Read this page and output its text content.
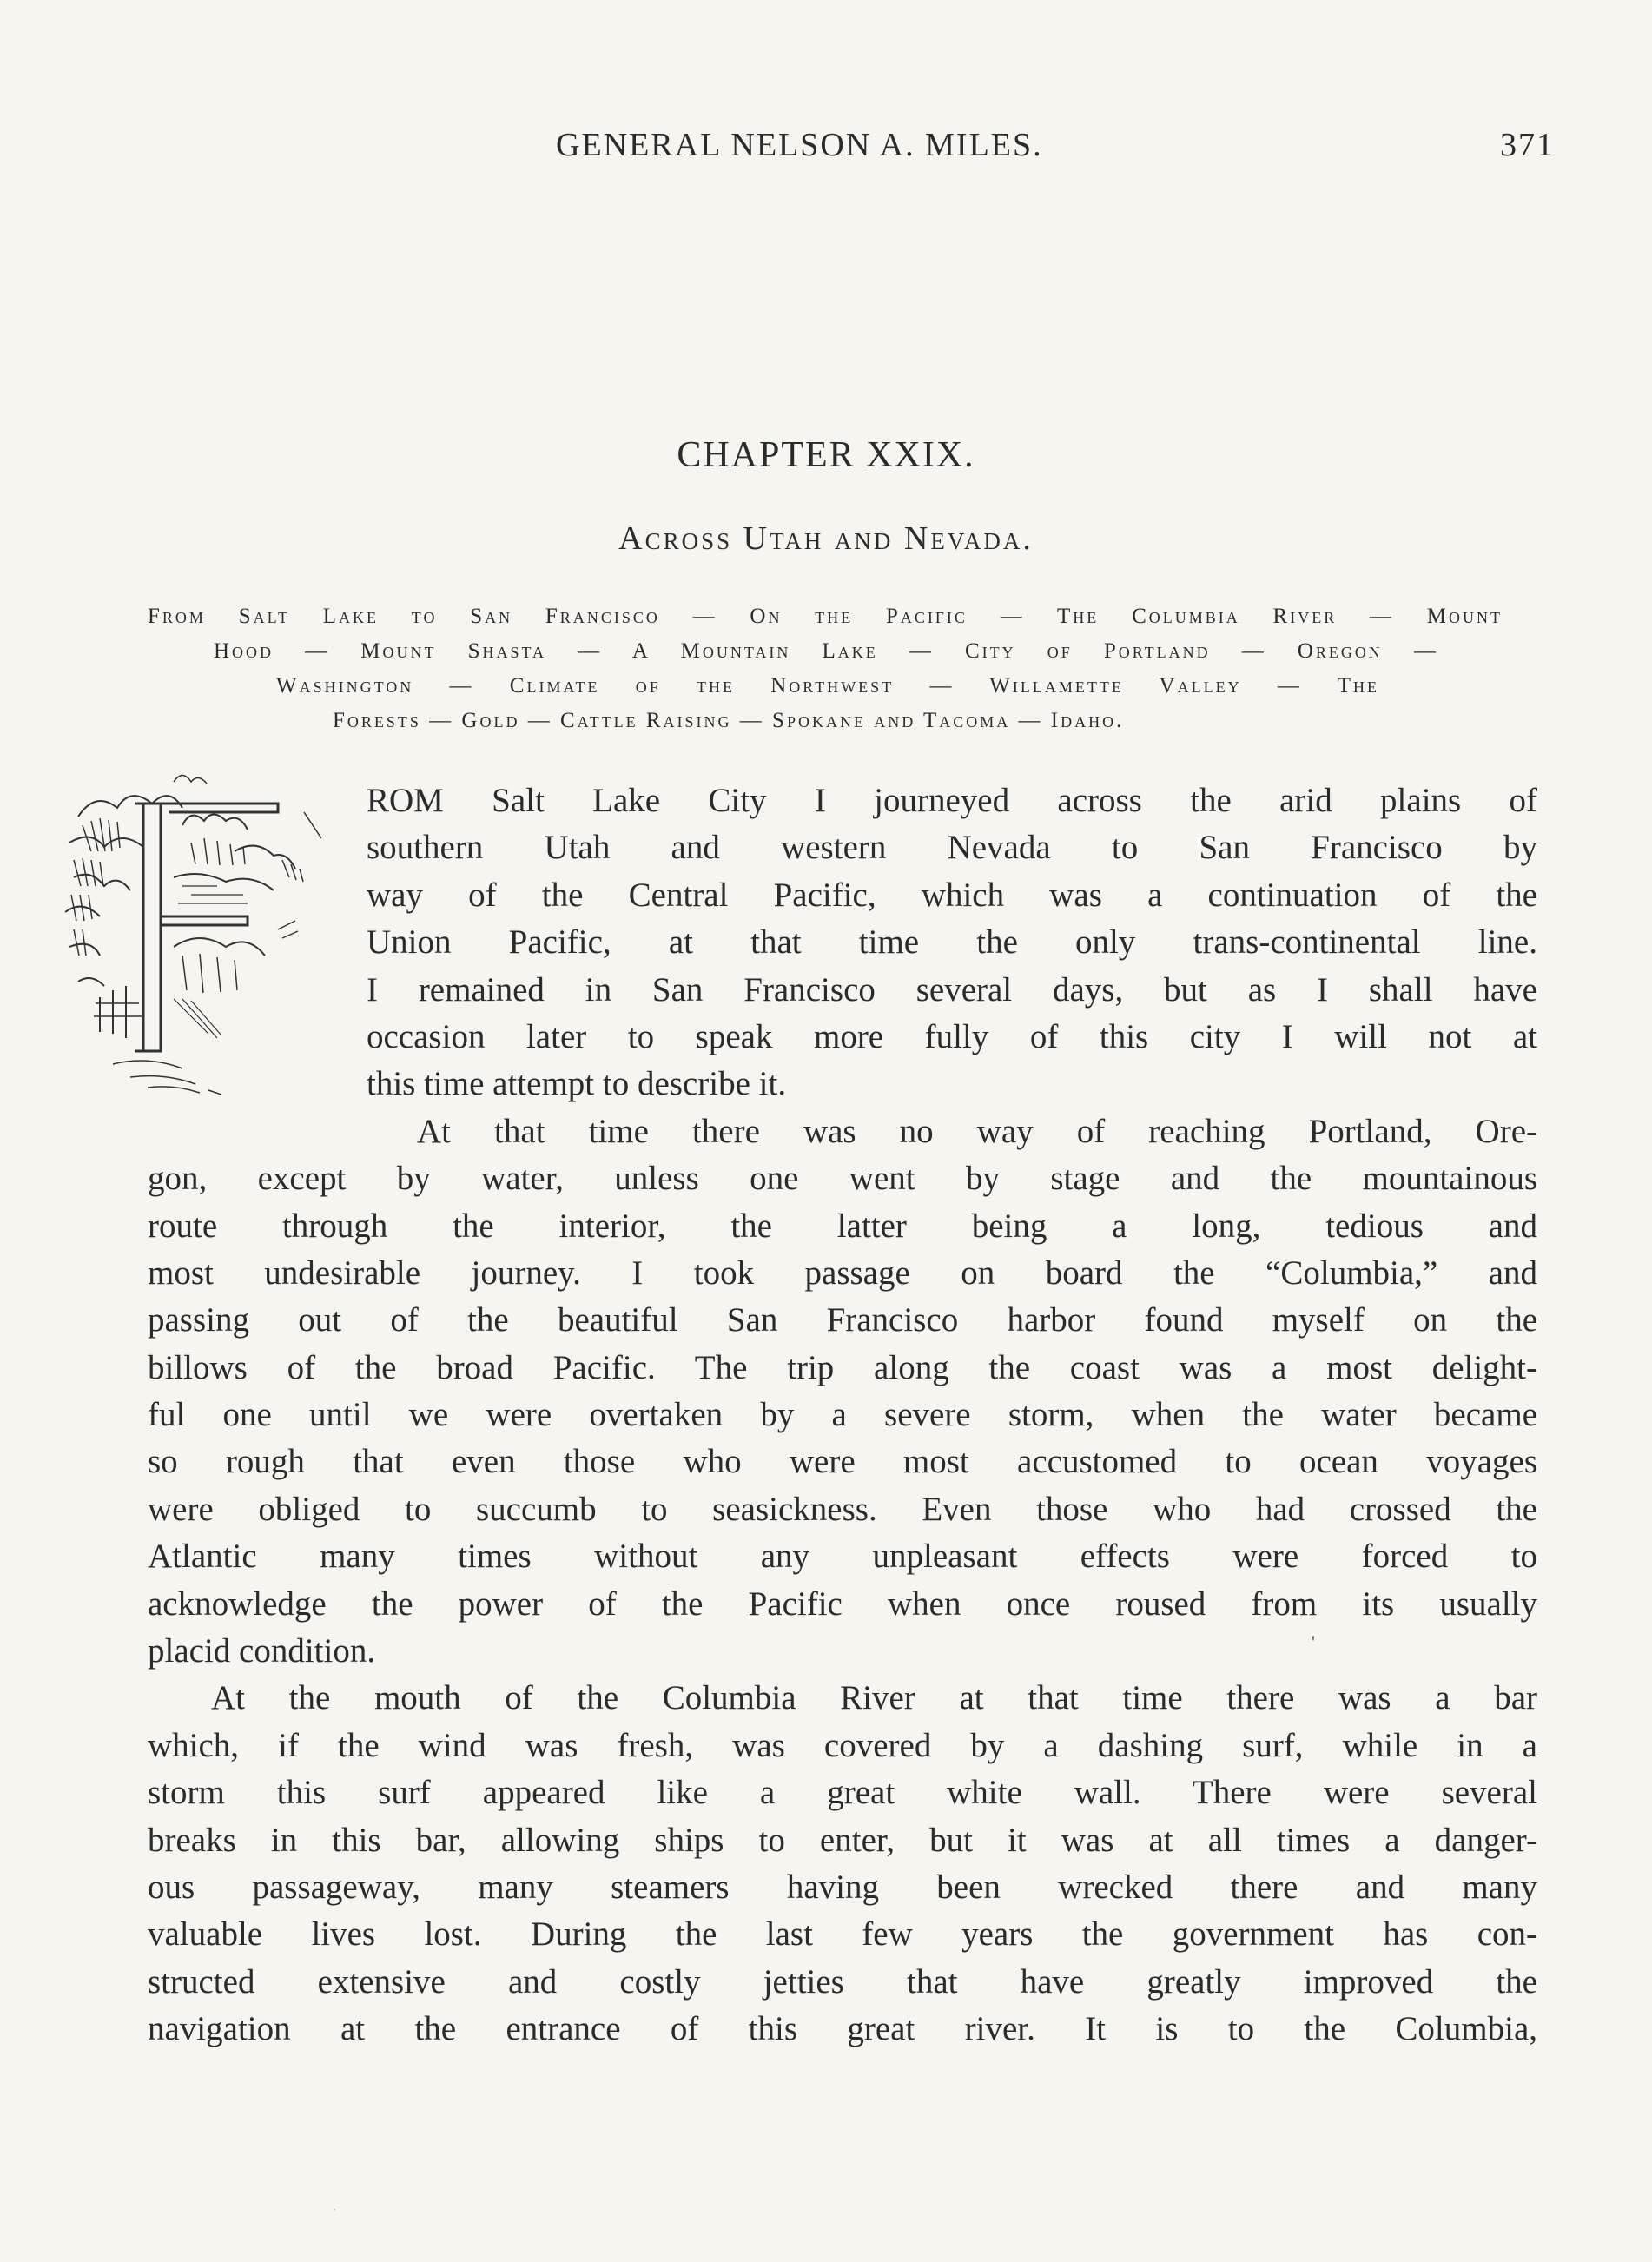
GENERAL NELSON A. MILES.	371
CHAPTER XXIX.
Across Utah and Nevada.
From Salt Lake to San Francisco — On the Pacific — The Columbia River — Mount
Hood — Mount Shasta — A Mountain Lake — City of Portland — Oregon —
Washington — Climate of the Northwest — Willamette Valley — The
Forests — Gold — Cattle Raising — Spokane and Tacoma — Idaho.
ROM Salt Lake City I journeyed across the arid plains of
southern Utah and western Nevada to San Francisco by
way of the Central Pacific, which was a continuation of the
Union Pacific, at that time the only trans-continental line.
I remained in San Francisco several days, but as I shall have
occasion later to speak more fully of this city I will not at
this time attempt to describe it.
At that time there was no way of reaching Portland, Ore-
gon, except by water, unless one went by stage and the mountainous
route through the interior, the latter being a long, tedious and
most undesirable journey. I took passage on board the “Columbia,” and
passing out of the beautiful San Francisco harbor found myself on the
billows of the broad Pacific. The trip along the coast was a most delight-
ful one until we were overtaken by a severe storm, when the water became
so rough that even those who were most accustomed to ocean voyages
were obliged to succumb to seasickness. Even those who had crossed the
Atlantic many times without any unpleasant effects were forced to
acknowledge the power of the Pacific when once roused from its usually
placid condition.
At the mouth of the Columbia River at that time there was a bar
which, if the wind was fresh, was covered by a dashing surf, while in a
storm this surf appeared like a great white wall. There were several
breaks in this bar, allowing ships to enter, but it was at all times a danger-
ous passageway, many steamers having been wrecked there and many
valuable lives lost. During the last few years the government has con-
structed extensive and costly jetties that have greatly improved the
navigation at the entrance of this great river. It is to the Columbia,
'
·
